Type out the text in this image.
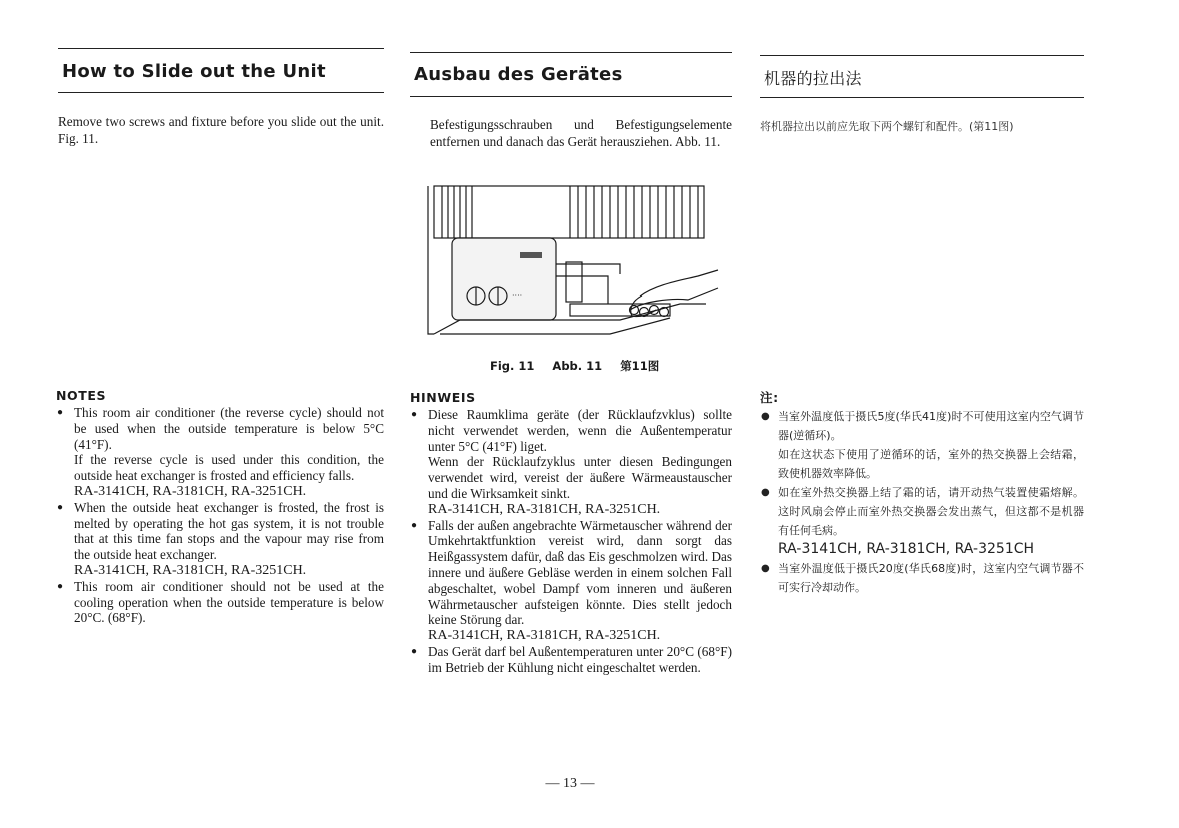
How to Slide out the Unit
Remove two screws and fixture before you slide out the unit. Fig. 11.
NOTES

● This room air conditioner (the reverse cycle) should not be used when the outside temperature is below 5°C (41°F).

If the reverse cycle is used under this condition, the outside heat exchanger is frosted and efficiency falls.

RA-3141CH, RA-3181CH, RA-3251CH.

● When the outside heat exchanger is frosted, the frost is melted by operating the hot gas system, it is not trouble that at this time fan stops and the vapour may rise from the outside heat exchanger.

RA-3141CH, RA-3181CH, RA-3251CH.

● This room air conditioner should not be used at the cooling operation when the outside temperature is below 20°C. (68°F).

Ausbau des Gerätes
Befestigungsschrauben und Befestigungselemente entfernen und danach das Gerät herausziehen. Abb. 11.
HINWEIS

● Diese Raumklima geräte (der Rücklaufzvklus) sollte nicht verwendet werden, wenn die Außentemperatur unter 5°C (41°F) liget.

Wenn der Rücklaufzyklus unter diesen Bedingungen verwendet wird, vereist der äußere Wärmeaustauscher und die Wirksamkeit sinkt.

RA-3141CH, RA-3181CH, RA-3251CH.

● Falls der außen angebrachte Wärmetauscher während der Umkehrtaktfunktion vereist wird, dann sorgt das Heißgassystem dafür, daß das Eis geschmolzen wird. Das innere und äußere Gebläse werden in einem solchen Fall abgeschaltet, wobel Dampf vom inneren und äußeren Währmetauscher aufsteigen könnte. Dies stellt jedoch keine Störung dar.

RA-3141CH, RA-3181CH, RA-3251CH.

● Das Gerät darf bel Außentemperaturen unter 20°C (68°F) im Betrieb der Kühlung nicht eingeschaltet werden.

机器的拉出法
将机器拉出以前应先取下两个螺钉和配件。(第11图)
注:

● 当室外温度低于摄氏5度(华氏41度)时不可使用这室内空气调节器(逆循环)。

如在这状态下使用了逆循环的话，室外的热交换器上会结霜，致使机器效率降低。

● 如在室外热交换器上结了霜的话，请开动热气装置使霜熔解。这时风扇会停止而室外热交换器会发出蒸气，但这都不是机器有任何毛病。

RA-3141CH, RA-3181CH, RA-3251CH

● 当室外温度低于摄氏20度(华氏68度)时，这室内空气调节器不可实行冷却动作。

····
Fig. 11 Abb. 11 第11图
— 13 —
